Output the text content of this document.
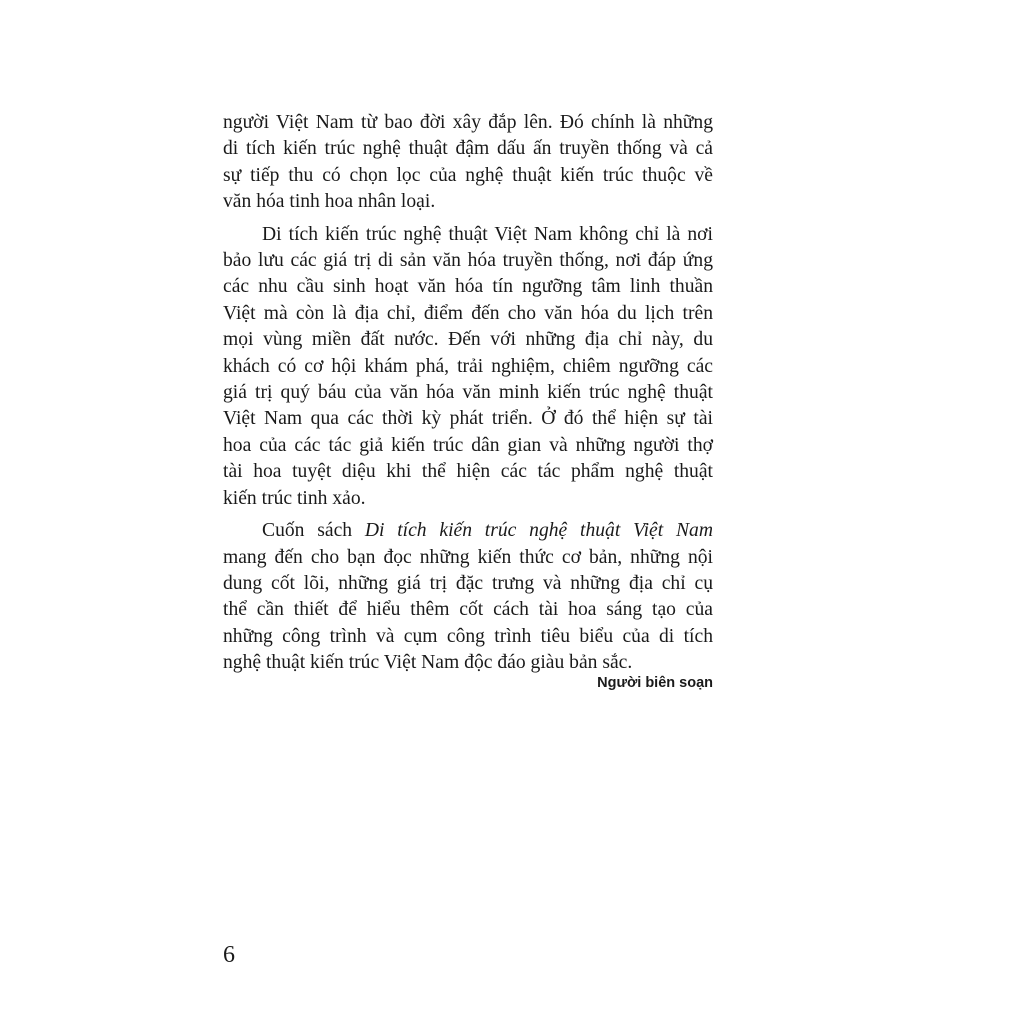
người Việt Nam từ bao đời xây đắp lên. Đó chính là những
di tích kiến trúc nghệ thuật đậm dấu ấn truyền thống và cả
sự tiếp thu có chọn lọc của nghệ thuật kiến trúc thuộc về
văn hóa tinh hoa nhân loại.

Di tích kiến trúc nghệ thuật Việt Nam không chỉ là nơi
bảo lưu các giá trị di sản văn hóa truyền thống, nơi đáp ứng
các nhu cầu sinh hoạt văn hóa tín ngưỡng tâm linh thuần
Việt mà còn là địa chỉ, điểm đến cho văn hóa du lịch trên
mọi vùng miền đất nước. Đến với những địa chỉ này, du
khách có cơ hội khám phá, trải nghiệm, chiêm ngưỡng các
giá trị quý báu của văn hóa văn minh kiến trúc nghệ thuật
Việt Nam qua các thời kỳ phát triển. Ở đó thể hiện sự tài
hoa của các tác giả kiến trúc dân gian và những người thợ
tài hoa tuyệt diệu khi thể hiện các tác phẩm nghệ thuật
kiến trúc tinh xảo.

Cuốn sách Di tích kiến trúc nghệ thuật Việt Nam
mang đến cho bạn đọc những kiến thức cơ bản, những nội
dung cốt lõi, những giá trị đặc trưng và những địa chỉ cụ
thể cần thiết để hiểu thêm cốt cách tài hoa sáng tạo của
những công trình và cụm công trình tiêu biểu của di tích
nghệ thuật kiến trúc Việt Nam độc đáo giàu bản sắc.

Người biên soạn
6
